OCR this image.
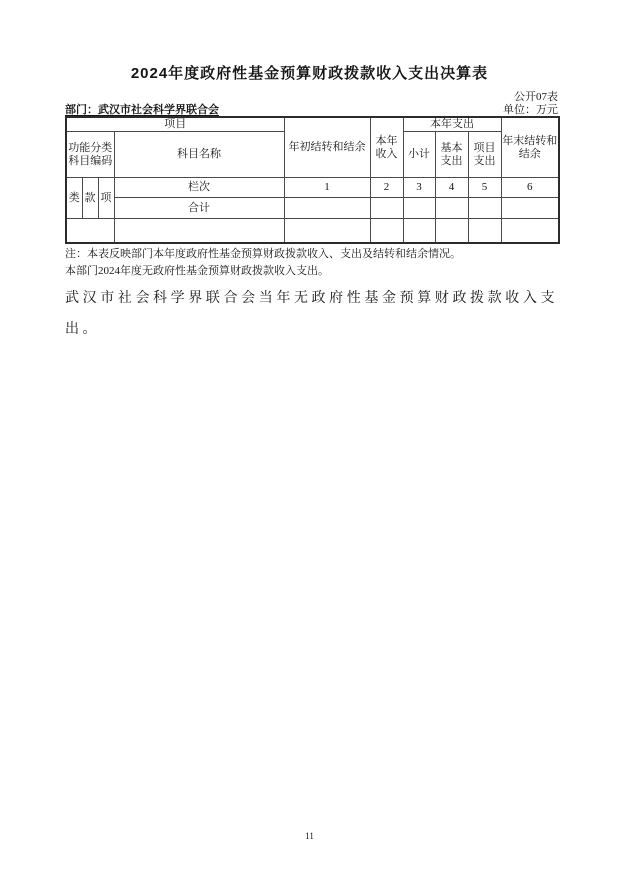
2024年度政府性基金预算财政拨款收入支出决算表
公开07表
部门：武汉市社会科学界联合会	单位：万元
项目				年初结转和结余	本年收入	本年支出			年末结转和结余
功能分类科目编码			科目名称			小计	基本支出	项目支出	
类	款	项	栏次	1	2	3	4	5	6
			合计						

注：本表反映部门本年度政府性基金预算财政拨款收入、支出及结转和结余情况。
本部门2024年度无政府性基金预算财政拨款收入支出。
武汉市社会科学界联合会当年无政府性基金预算财政拨款收入支出。
11
